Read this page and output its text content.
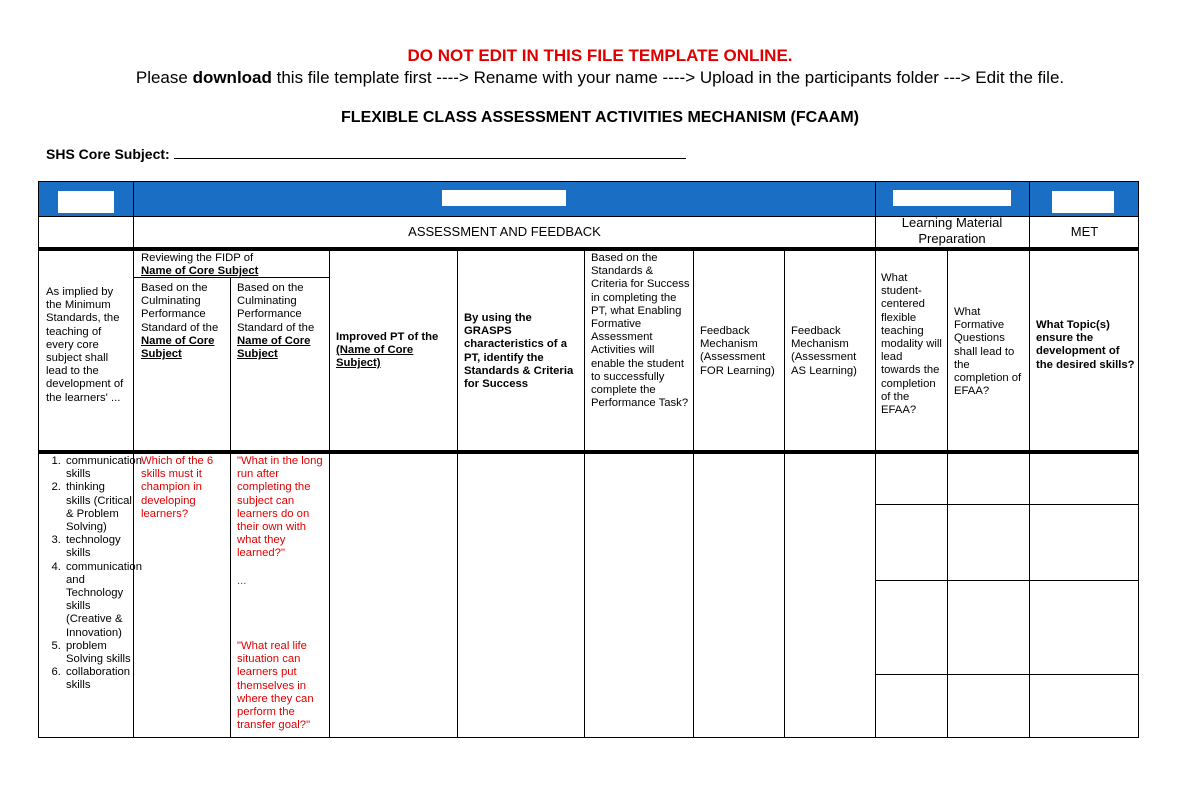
DO NOT EDIT IN THIS FILE TEMPLATE ONLINE.
Please download this file template first ----> Rename with your name ----> Upload in the participants folder ---> Edit the file.
FLEXIBLE CLASS ASSESSMENT ACTIVITIES MECHANISM (FCAAM)
SHS Core Subject:
ASSESSMENT AND FEEDBACK
Learning Material Preparation	MET
As implied by the Minimum Standards, the teaching of every core subject shall lead to the development of the learners' ...
Reviewing the FIDP of
Name of Core Subject
Based on the Culminating Performance Standard of the Name of Core Subject
Based on the Culminating Performance Standard of the Name of Core Subject
Improved PT of the
(Name of Core Subject)
By using the GRASPS characteristics of a PT, identify the Standards & Criteria for Success
Based on the Standards & Criteria for Success in completing the PT, what Enabling Formative Assessment Activities will enable the student to successfully complete the Performance Task?
Feedback Mechanism (Assessment FOR Learning)
Feedback Mechanism (Assessment AS Learning)
What student-centered flexible teaching modality will lead towards the completion of the EFAA?
What Formative Questions shall lead to the completion of EFAA?
What Topic(s) ensure the development of the desired skills?
1. communication skills
2. thinking skills (Critical & Problem Solving)
3. technology skills
4. communication and Technology skills (Creative & Innovation)
5. problem Solving skills
6. collaboration skills
Which of the 6 skills must it champion in developing learners?
"What in the long run after completing the subject can learners do on their own with what they learned?"
...
"What real life situation can learners put themselves in where they can perform the transfer goal?"
